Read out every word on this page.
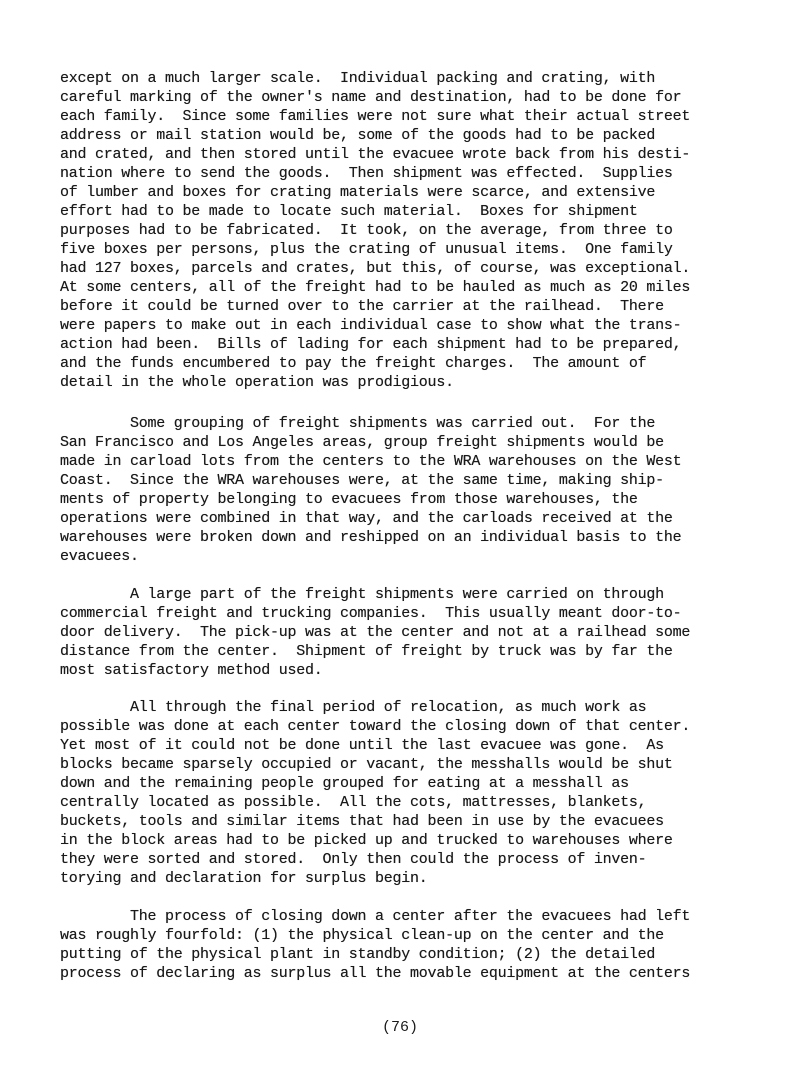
except on a much larger scale.  Individual packing and crating, with
careful marking of the owner's name and destination, had to be done for
each family.  Since some families were not sure what their actual street
address or mail station would be, some of the goods had to be packed
and crated, and then stored until the evacuee wrote back from his desti-
nation where to send the goods.  Then shipment was effected.  Supplies
of lumber and boxes for crating materials were scarce, and extensive
effort had to be made to locate such material.  Boxes for shipment
purposes had to be fabricated.  It took, on the average, from three to
five boxes per persons, plus the crating of unusual items.  One family
had 127 boxes, parcels and crates, but this, of course, was exceptional.
At some centers, all of the freight had to be hauled as much as 20 miles
before it could be turned over to the carrier at the railhead.  There
were papers to make out in each individual case to show what the trans-
action had been.  Bills of lading for each shipment had to be prepared,
and the funds encumbered to pay the freight charges.  The amount of
detail in the whole operation was prodigious.
Some grouping of freight shipments was carried out.  For the
San Francisco and Los Angeles areas, group freight shipments would be
made in carload lots from the centers to the WRA warehouses on the West
Coast.  Since the WRA warehouses were, at the same time, making ship-
ments of property belonging to evacuees from those warehouses, the
operations were combined in that way, and the carloads received at the
warehouses were broken down and reshipped on an individual basis to the
evacuees.
A large part of the freight shipments were carried on through
commercial freight and trucking companies.  This usually meant door-to-
door delivery.  The pick-up was at the center and not at a railhead some
distance from the center.  Shipment of freight by truck was by far the
most satisfactory method used.
All through the final period of relocation, as much work as
possible was done at each center toward the closing down of that center.
Yet most of it could not be done until the last evacuee was gone.  As
blocks became sparsely occupied or vacant, the messhalls would be shut
down and the remaining people grouped for eating at a messhall as
centrally located as possible.  All the cots, mattresses, blankets,
buckets, tools and similar items that had been in use by the evacuees
in the block areas had to be picked up and trucked to warehouses where
they were sorted and stored.  Only then could the process of inven-
torying and declaration for surplus begin.
The process of closing down a center after the evacuees had left
was roughly fourfold: (1) the physical clean-up on the center and the
putting of the physical plant in standby condition; (2) the detailed
process of declaring as surplus all the movable equipment at the centers
(76)
